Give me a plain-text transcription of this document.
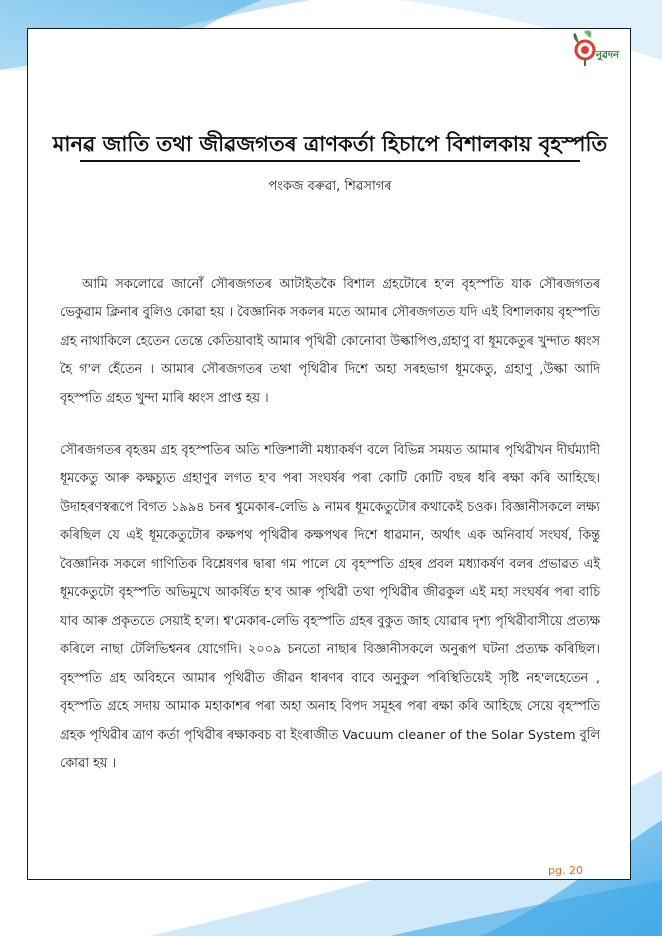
নুৱদন
মানৱ জাতি তথা জীৱজগতৰ ত্ৰাণকৰ্তা হিচাপে বিশালকায় বৃহস্পতি
পংকজ বৰুৱা, শিৱসাগৰ

আমি সকলোৱে জানোঁ সৌৰজগতৰ আটাইতকৈ বিশাল গ্ৰহটোৰে হ'ল বৃহস্পতি যাক সৌৰজগতৰ ভেকুৱাম ক্লিনাৰ বুলিও কোৱা হয় । বৈজ্ঞানিক সকলৰ মতে আমাৰ সৌৰজগতত যদি এই বিশালকায় বৃহস্পতি গ্ৰহ নাথাকিলে হেতেন তেন্তে কেতিয়াবাই আমাৰ পৃথিৱী কোনোবা উল্কাপিণ্ড,গ্ৰহাণু বা ধূমকেতুৰ খুন্দাত ধ্বংস হৈ গ'ল হেঁতেন । আমাৰ সৌৰজগতৰ তথা পৃথিৱীৰ দিশে অহা সৰহভাগ ধূমকেতু, গ্ৰহাণু ,উল্কা আদি বৃহস্পতি গ্ৰহত খুন্দা মাৰি ধ্বংস প্ৰাপ্ত হয় ।

সৌৰজগতৰ বৃহত্তম গ্ৰহ বৃহস্পতিৰ অতি শক্তিশালী মধ্যাকৰ্ষণ বলে বিভিন্ন সময়ত আমাৰ পৃথিৱীখন দীৰ্ঘম্যাদী ধূমকেতু আৰু কক্ষচ্যুত গ্ৰহাণুৰ লগত হ'ব পৰা সংঘৰ্ষৰ পৰা কোটি কোটি বছৰ ধৰি ৰক্ষা কৰি আহিছে। উদাহৰণস্বৰূপে বিগত ১৯৯৪ চনৰ শ্বুমেকাৰ-লেভি ৯ নামৰ ধূমকেতুটোৰ কথাকেই চওক। বিজ্ঞানীসকলে লক্ষ্য কৰিছিল যে এই ধূমকেতুটোৰ কক্ষপথ পৃথিৱীৰ কক্ষপথৰ দিশে ধাৱমান, অৰ্থাৎ এক অনিবাৰ্য সংঘৰ্ষ, কিন্তু বৈজ্ঞানিক সকলে গাণিতিক বিশ্লেষণৰ দ্বাৰা গম পালে যে বৃহস্পতি গ্ৰহৰ প্ৰবল মধ্যাকৰ্ষণ বলৰ প্ৰভাৱত এই ধূমকেতুটো বৃহস্পতি অভিমুখে আকৰ্ষিত হ'ব আৰু পৃথিৱী তথা পৃথিৱীৰ জীৱকুল এই মহা সংঘৰ্ষৰ পৰা বাচি যাব আৰু প্ৰকৃততে সেয়াই হ'ল। শ্ব'মেকাৰ-লেভি বৃহস্পতি গ্ৰহৰ বুকুত জাহ যোৱাৰ দৃশ্য পৃথিৱীবাসীয়ে প্ৰত্যক্ষ কৰিলে নাছা টেলিভিশ্বনৰ যোগেদি। ২০০৯ চনতো নাছাৰ বিজ্ঞানীসকলে অনুৰূপ ঘটনা প্ৰত্যক্ষ কৰিছিল। বৃহস্পতি গ্ৰহ অবিহনে আমাৰ পৃথিৱীত জীৱন ধাৰণৰ বাবে অনুকুল পৰিস্থিতিয়েই সৃষ্টি নহ'লহেতেন , বৃহস্পতি গ্ৰহে সদায় আমাক মহাকাশৰ পৰা অহা অনাহ বিপদ সমূহৰ পৰা ৰক্ষা কৰি আহিছে সেয়ে বৃহস্পতি গ্ৰহক পৃথিৱীৰ ত্ৰাণ কৰ্তা পৃথিৱীৰ ৰক্ষাকবচ বা ইংৰাজীত Vacuum cleaner of the Solar System বুলি কোৱা হয় ।

pg. 20
